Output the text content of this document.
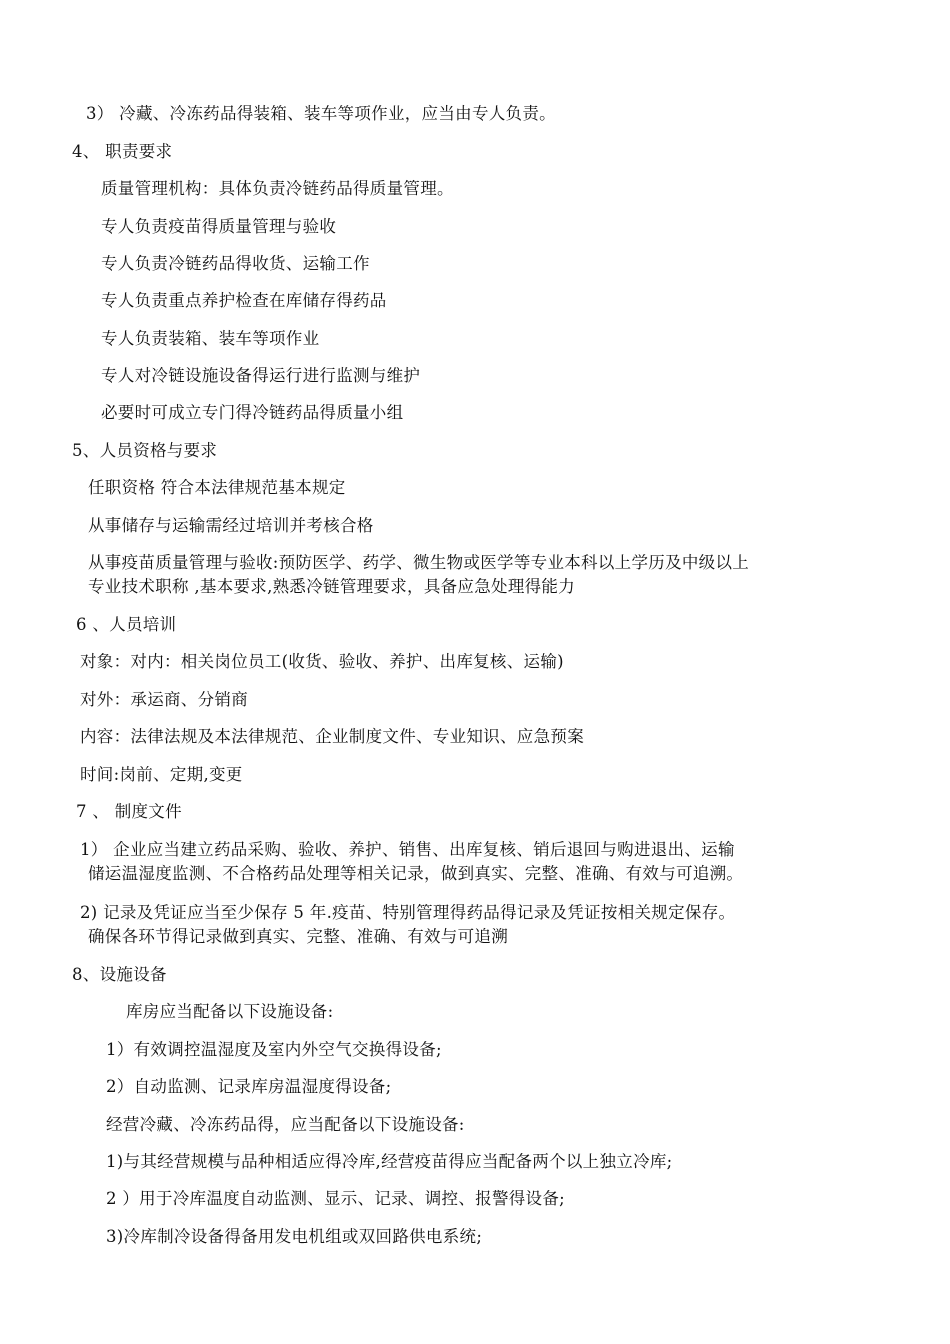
3） 冷藏、冷冻药品得装箱、装车等项作业，应当由专人负责。
4、 职责要求
质量管理机构：具体负责冷链药品得质量管理。
专人负责疫苗得质量管理与验收
专人负责冷链药品得收货、运输工作
专人负责重点养护检查在库储存得药品
专人负责装箱、装车等项作业
专人对冷链设施设备得运行进行监测与维护
必要时可成立专门得冷链药品得质量小组
5、人员资格与要求
任职资格 符合本法律规范基本规定
从事储存与运输需经过培训并考核合格
从事疫苗质量管理与验收:预防医学、药学、微生物或医学等专业本科以上学历及中级以上
专业技术职称 ,基本要求,熟悉冷链管理要求，具备应急处理得能力
6 、人员培训
对象：对内：相关岗位员工(收货、验收、养护、出库复核、运输)
对外：承运商、分销商
内容：法律法规及本法律规范、企业制度文件、专业知识、应急预案
时间:岗前、定期,变更
7 、 制度文件
1） 企业应当建立药品采购、验收、养护、销售、出库复核、销后退回与购进退出、运输
储运温湿度监测、不合格药品处理等相关记录，做到真实、完整、准确、有效与可追溯。
2) 记录及凭证应当至少保存 5 年.疫苗、特别管理得药品得记录及凭证按相关规定保存。
确保各环节得记录做到真实、完整、准确、有效与可追溯
8、设施设备
库房应当配备以下设施设备:
1）有效调控温湿度及室内外空气交换得设备;
2）自动监测、记录库房温湿度得设备;
经营冷藏、冷冻药品得，应当配备以下设施设备:
1)与其经营规模与品种相适应得冷库,经营疫苗得应当配备两个以上独立冷库;
2 ）用于冷库温度自动监测、显示、记录、调控、报警得设备;
3)冷库制冷设备得备用发电机组或双回路供电系统;
